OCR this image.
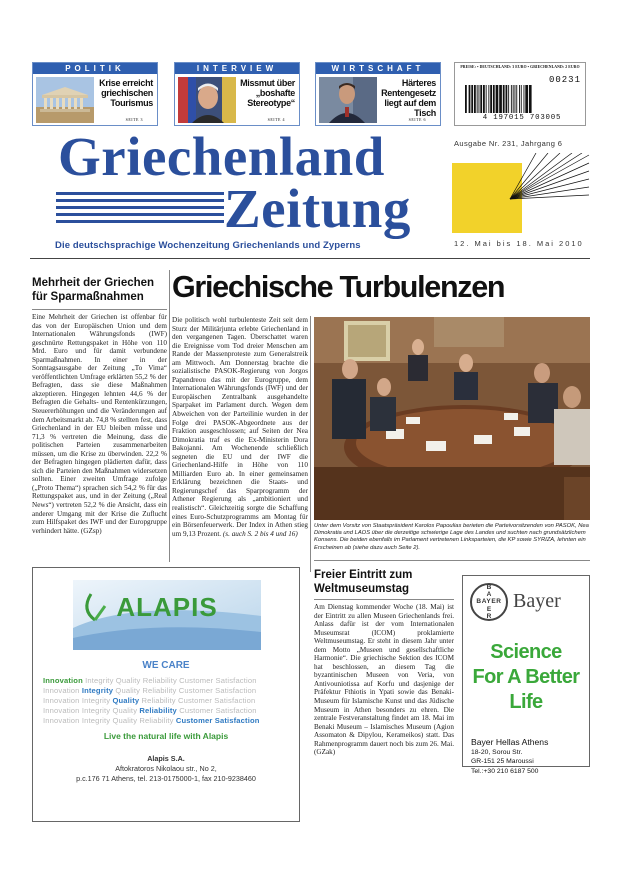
POLITIK
Krise erreicht griechischen Tourismus
SEITE 3
INTERVIEW
Missmut über „boshafte Stereotype“
SEITE 4
WIRTSCHAFT
Härteres Rentengesetz liegt auf dem Tisch
SEITE 6
PREISE: • DEUTSCHLAND: 3 EURO • GRIECHENLAND: 2 EURO
00231
4 197015 703005
Griechenland
Zeitung
Die deutschsprachige Wochenzeitung Griechenlands und Zyperns
Ausgabe Nr. 231, Jahrgang 6
12. Mai bis 18. Mai 2010
Mehrheit der Griechen für Sparmaßnahmen
Eine Mehrheit der Griechen ist offenbar für das von der Europäischen Union und dem Internationalen Währungsfonds (IWF) geschnürte Rettungspaket in Höhe von 110 Mrd. Euro und für damit verbundene Sparmaßnahmen. In einer in der Sonntagsausgabe der Zeitung „To Vima“ veröffentlichten Umfrage erklärten 55,2 % der Befragten, dass sie diese Maßnahmen akzeptieren. Hingegen lehnten 44,6 % der Befragten die Gehalts- und Rentenkürzungen, Steuererhöhungen und die Veränderungen auf dem Arbeitsmarkt ab. 74,8 % stellten fest, dass Griechenland in der EU bleiben müsse und 71,3 % vertreten die Meinung, dass die politischen Parteien zusammenarbeiten müssen, um die Krise zu überwinden. 22,2 % der Befragten hingegen plädierten dafür, dass sich die Parteien den Maßnahmen widersetzen sollten. Einer zweiten Umfrage zufolge („Proto Thema“) sprachen sich 54,2 % für das Rettungspaket aus, und in der Zeitung („Real News“) vertreten 52,2 % die Ansicht, dass ein anderer Umgang mit der Krise die Zuflucht zum Hilfspaket des IWF und der Europgruppe verhindert hätte. (GZsp)
Griechische Turbulenzen
Die politisch wohl turbulenteste Zeit seit dem Sturz der Militärjunta erlebte Griechenland in den vergangenen Tagen. Überschattet waren die Ereignisse vom Tod dreier Menschen am Rande der Massenproteste zum Generalstreik am Mittwoch. Am Donnerstag brachte die sozialistische PASOK-Regierung von Jorgos Papandreou das mit der Eurogruppe, dem Internationalen Währungsfonds (IWF) und der Europäischen Zentralbank ausgehandelte Sparpaket im Parlament durch. Wegen dem Abweichen von der Parteilinie wurden in der Folge drei PASOK-Abgeordnete aus der Fraktion ausgeschlossen; auf Seiten der Nea Dimokratia traf es die Ex-Ministerin Dora Bakojanni. Am Wochenende schließlich segneten die EU und der IWF die Griechenland-Hilfe in Höhe von 110 Milliarden Euro ab. In einer gemeinsamen Erklärung bezeichnen die Staats- und Regierungschef das Sparprogramm der Athener Regierung als „ambitioniert und realistisch“. Gleichzeitig sorgte die Schaffung eines Euro-Schutzprogramms am Montag für ein Börsenfeuerwerk. Der Index in Athen stieg um 9,13 Prozent. (s. auch S. 2 bis 4 und 16)
Unter dem Vorsitz von Staatspräsident Karolos Papoulias berieten die Parteivorsitzenden von PASOK, Nea Dimokratia und LAOS über die derzeitige schwierige Lage des Landes und suchten nach grundsätzlichem Konsens. Die beiden ebenfalls im Parlament vertretenen Linksparteien, die KP sowie SYRIZA, lehnten ein Erscheinen ab (siehe dazu auch Seite 2).
Freier Eintritt zum Weltmuseumstag
Am Dienstag kommender Woche (18. Mai) ist der Eintritt zu allen Museen Griechenlands frei. Anlass dafür ist der vom Internationalen Museumsrat (ICOM) proklamierte Weltmuseumstag. Er steht in diesem Jahr unter dem Motto „Museen und gesellschaftliche Harmonie“. Die griechische Sektion des ICOM hat beschlossen, an diesem Tag die byzantinischen Museen von Veria, von Antivouniotissa auf Korfu und dasjenige der Präfektur Fthiotis in Ypati sowie das Benaki-Museum für Islamische Kunst und das Jüdische Museum in Athen besonders zu ehren. Die zentrale Festveranstaltung findet am 18. Mai im Benaki Museum – Islamisches Museum (Agion Assomaton & Dipylou, Kerameikos) statt. Das Rahmenprogramm dauert noch bis zum 26. Mai. (GZak)
ALAPIS
WE CARE
Innovation Integrity Quality Reliability Customer Satisfaction
Innovation Integrity Quality Reliability Customer Satisfaction
Innovation Integrity Quality Reliability Customer Satisfaction
Innovation Integrity Quality Reliability Customer Satisfaction
Innovation Integrity Quality Reliability Customer Satisfaction
Live the natural life with Alapis
Alapis S.A.
Aftokratoros Nikolaou str., No 2,
p.c.176 71 Athens, tel. 213-0175000-1, fax 210-9238460
BAYER
B
A
E
R
Bayer
Science
For A Better
Life
Bayer Hellas Athens
18-20, Sorou Str.
GR-151 25 Maroussi
Tel.:+30 210 6187 500
